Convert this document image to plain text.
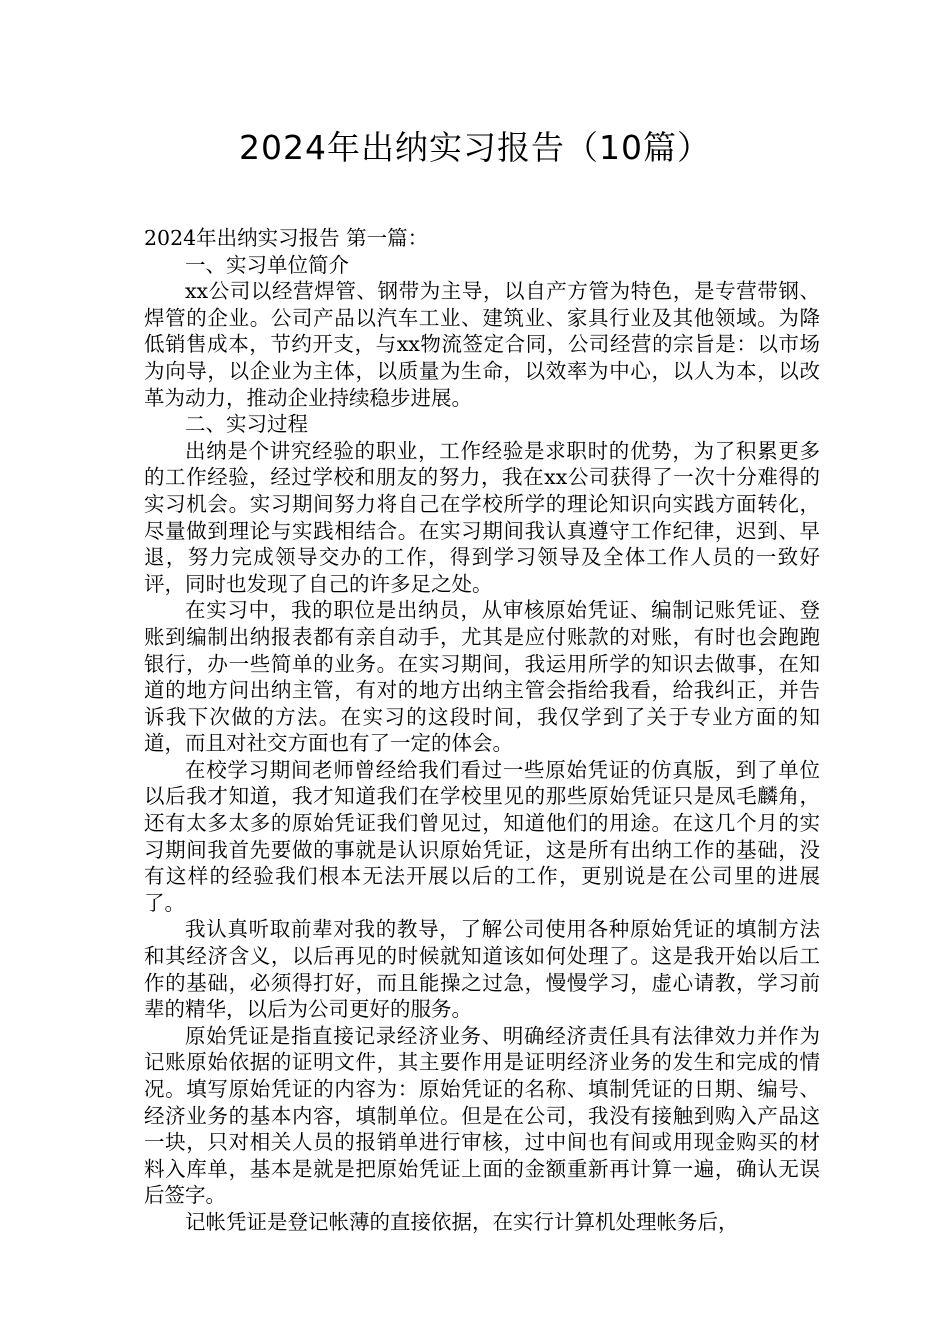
2024年出纳实习报告（10篇）

2024年出纳实习报告 第一篇：

一、实习单位简介

xx公司以经营焊管、钢带为主导，以自产方管为特色，是专营带钢、焊管的企业。公司产品以汽车工业、建筑业、家具行业及其他领域。为降低销售成本，节约开支，与xx物流签定合同，公司经营的宗旨是：以市场为向导，以企业为主体，以质量为生命，以效率为中心，以人为本，以改革为动力，推动企业持续稳步进展。

二、实习过程

出纳是个讲究经验的职业，工作经验是求职时的优势，为了积累更多的工作经验，经过学校和朋友的努力，我在xx公司获得了一次十分难得的实习机会。实习期间努力将自己在学校所学的理论知识向实践方面转化，尽量做到理论与实践相结合。在实习期间我认真遵守工作纪律，迟到、早退，努力完成领导交办的工作，得到学习领导及全体工作人员的一致好评，同时也发现了自己的许多足之处。

在实习中，我的职位是出纳员，从审核原始凭证、编制记账凭证、登账到编制出纳报表都有亲自动手，尤其是应付账款的对账，有时也会跑跑银行，办一些简单的业务。在实习期间，我运用所学的知识去做事，在知道的地方问出纳主管，有对的地方出纳主管会指给我看，给我纠正，并告诉我下次做的方法。在实习的这段时间，我仅学到了关于专业方面的知道，而且对社交方面也有了一定的体会。

在校学习期间老师曾经给我们看过一些原始凭证的仿真版，到了单位以后我才知道，我才知道我们在学校里见的那些原始凭证只是凤毛麟角，还有太多太多的原始凭证我们曾见过，知道他们的用途。在这几个月的实习期间我首先要做的事就是认识原始凭证，这是所有出纳工作的基础，没有这样的经验我们根本无法开展以后的工作，更别说是在公司里的进展了。

我认真听取前辈对我的教导，了解公司使用各种原始凭证的填制方法和其经济含义，以后再见的时候就知道该如何处理了。这是我开始以后工作的基础，必须得打好，而且能操之过急，慢慢学习，虚心请教，学习前辈的精华，以后为公司更好的服务。

原始凭证是指直接记录经济业务、明确经济责任具有法律效力并作为记账原始依据的证明文件，其主要作用是证明经济业务的发生和完成的情况。填写原始凭证的内容为：原始凭证的名称、填制凭证的日期、编号、经济业务的基本内容，填制单位。但是在公司，我没有接触到购入产品这一块，只对相关人员的报销单进行审核，过中间也有间或用现金购买的材料入库单，基本是就是把原始凭证上面的金额重新再计算一遍，确认无误后签字。

记帐凭证是登记帐薄的直接依据，在实行计算机处理帐务后，
